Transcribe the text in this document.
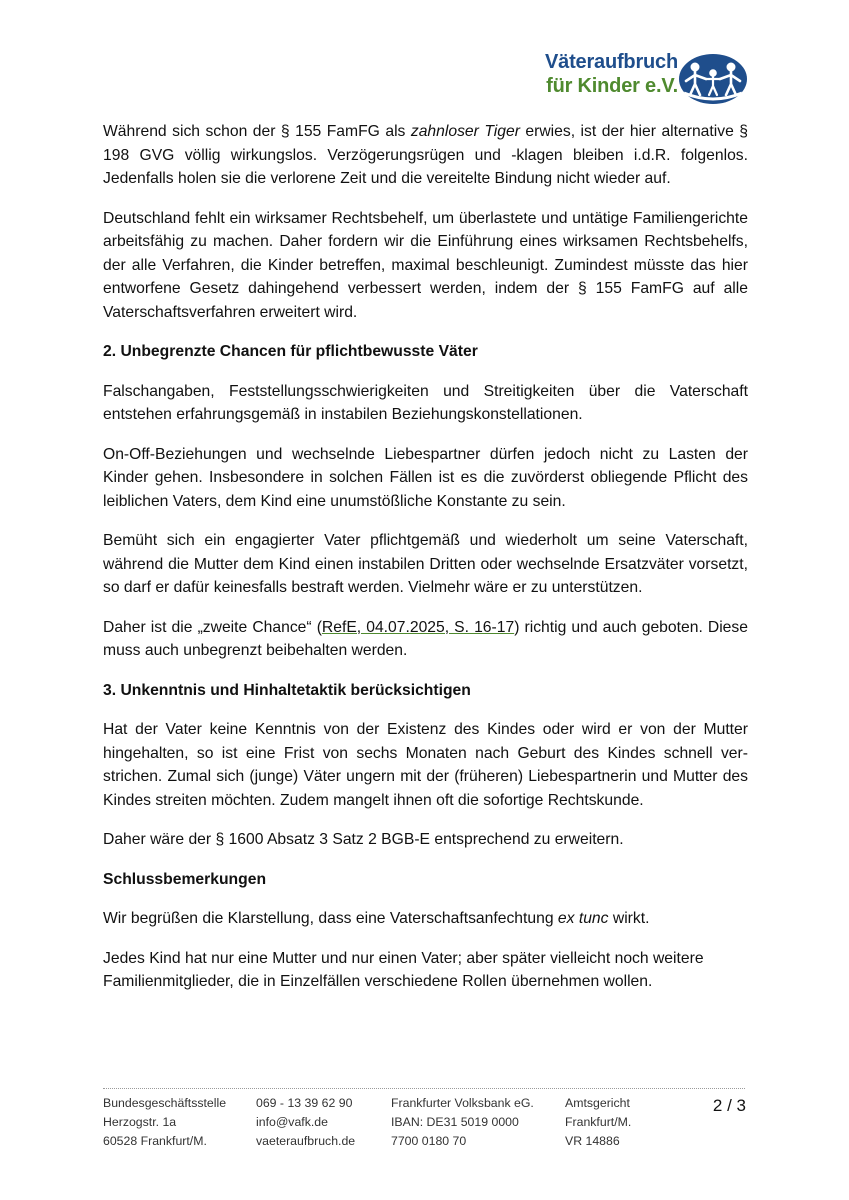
Väteraufbruch
für Kinder e.V.

Während sich schon der § 155 FamFG als zahnloser Tiger erwies, ist der hier alternative § 198 GVG völlig wirkungslos. Verzögerungsrügen und -klagen bleiben i.d.R. folgenlos. Jedenfalls holen sie die verlorene Zeit und die vereitelte Bindung nicht wieder auf.

Deutschland fehlt ein wirksamer Rechtsbehelf, um überlastete und untätige Familiengerichte arbeitsfähig zu machen. Daher fordern wir die Einführung eines wirksamen Rechtsbehelfs, der alle Verfahren, die Kinder betreffen, maximal beschleunigt. Zumindest müsste das hier entworfene Gesetz dahingehend verbessert werden, indem der § 155 FamFG auf alle Vaterschaftsverfahren erweitert wird.

2. Unbegrenzte Chancen für pflichtbewusste Väter

Falschangaben, Feststellungsschwierigkeiten und Streitigkeiten über die Vaterschaft entstehen erfahrungsgemäß in instabilen Beziehungskonstellationen.

On-Off-Beziehungen und wechselnde Liebespartner dürfen jedoch nicht zu Lasten der Kinder gehen. Insbesondere in solchen Fällen ist es die zuvörderst obliegende Pflicht des leiblichen Vaters, dem Kind eine unumstößliche Konstante zu sein.

Bemüht sich ein engagierter Vater pflichtgemäß und wiederholt um seine Vaterschaft, während die Mutter dem Kind einen instabilen Dritten oder wechselnde Ersatzväter vorsetzt, so darf er dafür keinesfalls bestraft werden. Vielmehr wäre er zu unterstützen.

Daher ist die „zweite Chance“ (RefE, 04.07.2025, S. 16-17) richtig und auch geboten. Diese muss auch unbegrenzt beibehalten werden.

3. Unkenntnis und Hinhaltetaktik berücksichtigen

Hat der Vater keine Kenntnis von der Existenz des Kindes oder wird er von der Mutter hingehalten, so ist eine Frist von sechs Monaten nach Geburt des Kindes schnell verstrichen. Zumal sich (junge) Väter ungern mit der (früheren) Liebespartnerin und Mutter des Kindes streiten möchten. Zudem mangelt ihnen oft die sofortige Rechtskunde.

Daher wäre der § 1600 Absatz 3 Satz 2 BGB-E entsprechend zu erweitern.

Schlussbemerkungen

Wir begrüßen die Klarstellung, dass eine Vaterschaftsanfechtung ex tunc wirkt.

Jedes Kind hat nur eine Mutter und nur einen Vater; aber später vielleicht noch weitere Familienmitglieder, die in Einzelfällen verschiedene Rollen übernehmen wollen.

Bundesgeschäftsstelle
Herzogstr. 1a
60528 Frankfurt/M.
069 - 13 39 62 90
info@vafk.de
vaeteraufbruch.de
Frankfurter Volksbank eG.
IBAN: DE31 5019 0000
7700 0180 70
Amtsgericht
Frankfurt/M.
VR 14886
2 / 3
